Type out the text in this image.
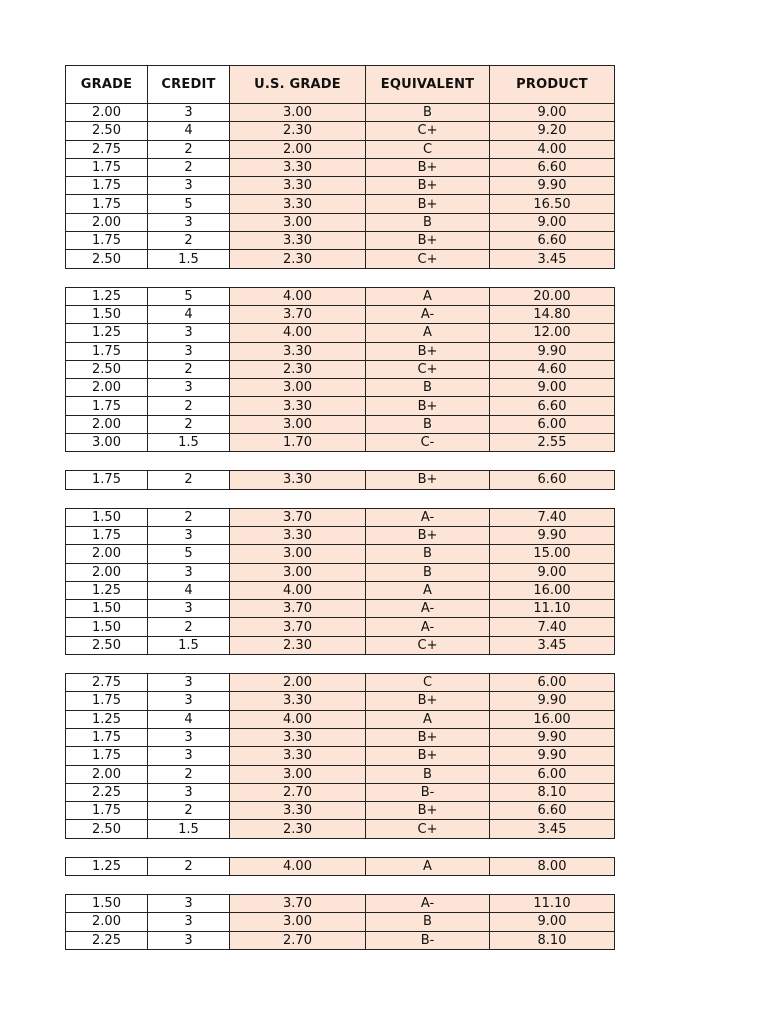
GRADE	CREDIT	U.S. GRADE	EQUIVALENT	PRODUCT
2.00	3	3.00	B	9.00
2.50	4	2.30	C+	9.20
2.75	2	2.00	C	4.00
1.75	2	3.30	B+	6.60
1.75	3	3.30	B+	9.90
1.75	5	3.30	B+	16.50
2.00	3	3.00	B	9.00
1.75	2	3.30	B+	6.60
2.50	1.5	2.30	C+	3.45
1.25	5	4.00	A	20.00
1.50	4	3.70	A-	14.80
1.25	3	4.00	A	12.00
1.75	3	3.30	B+	9.90
2.50	2	2.30	C+	4.60
2.00	3	3.00	B	9.00
1.75	2	3.30	B+	6.60
2.00	2	3.00	B	6.00
3.00	1.5	1.70	C-	2.55
1.75	2	3.30	B+	6.60
1.50	2	3.70	A-	7.40
1.75	3	3.30	B+	9.90
2.00	5	3.00	B	15.00
2.00	3	3.00	B	9.00
1.25	4	4.00	A	16.00
1.50	3	3.70	A-	11.10
1.50	2	3.70	A-	7.40
2.50	1.5	2.30	C+	3.45
2.75	3	2.00	C	6.00
1.75	3	3.30	B+	9.90
1.25	4	4.00	A	16.00
1.75	3	3.30	B+	9.90
1.75	3	3.30	B+	9.90
2.00	2	3.00	B	6.00
2.25	3	2.70	B-	8.10
1.75	2	3.30	B+	6.60
2.50	1.5	2.30	C+	3.45
1.25	2	4.00	A	8.00
1.50	3	3.70	A-	11.10
2.00	3	3.00	B	9.00
2.25	3	2.70	B-	8.10
